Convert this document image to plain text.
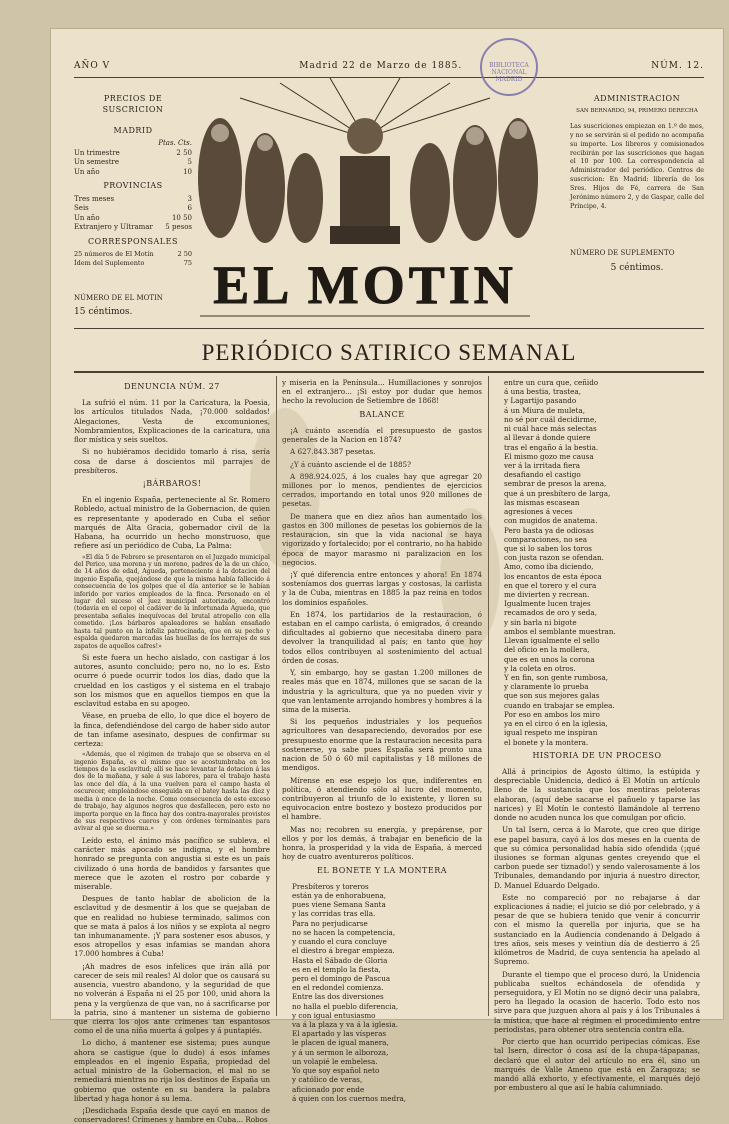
AÑO V	Madrid 22 de Marzo de 1885.	NÚM. 12.
BIBLIOTECA NACIONAL MADRID
PRECIOS DE SUSCRICION
MADRID
Ptas. Cts.
Un trimestre	2 50
Un semestre	5
Un año	10
PROVINCIAS
Tres meses	3
Seis	6
Un año	10 50
Extranjero y Ultramar 5 pesos
CORRESPONSALES
25 números de El Motín	2 50
Ídem del Suplemento	75
NÚMERO DE EL MOTIN
15 céntimos.	EL MOTIN
ADMINISTRACION
SAN BERNARDO, 94, PRIMERO DERECHA
Las suscriciones empiezan en 1.º de mes, y no se servirán si el pedido no acompaña su importe. Los libreros y comisionados recibirán por las suscriciones que hagan el 10 por 100. La correspondencia al Administrador del periódico. Centros de suscricion: En Madrid: librería de los Sres. Hijos de Fé, carrera de San Jerónimo número 2, y de Gaspar, calle del Príncipe, 4.
NÚMERO DE SUPLEMENTO
5 céntimos.
PERIÓDICO SATIRICO SEMANAL
DENUNCIA NÚM. 27

La sufrió el núm. 11 por la Caricatura, la Poesia, los artículos titulados Nada, ¡70.000 soldados! Alegaciones, Vesta de excomuniones, Nombramientos, Explicaciones de la caricatura, una flor mística y seis sueltos.

Si no hubiéramos decidido tomarlo á risa, sería cosa de darse á doscientos mil parrajes de presbíteros.

¡BÁRBAROS!

En el ingenio España, perteneciente al Sr. Romero Robledo, actual ministro de la Gobernacion, de quien es representante y apoderado en Cuba el señor marqués de Alta Gracia, gobernador civil de la Habana, ha ocurrido un hecho monstruoso, que refiere así un periódico de Cuba, La Palma:

«El día 5 de Febrero se presentaron en el Juzgado municipal del Perico, una morena y un moreno, padres de la de un chico, de 14 años de edad, Agueda, perteneciente á la dotacion del ingenio España, quejándose de que la misma había fallecido á consecuencia de los golpes que el día anterior se le habían inferido por varios empleados de la finca. Personado en el lugar del suceso el juez municipal autorizado, encontró (todavía en el cepo) el cadáver de la infortunada Agueda, que presentaba señales inequívocas del brutal atropello con ella cometido. ¡Los bárbaros apaleadores se habían ensañado hasta tal punto en la infeliz patrocinada, que en su pecho y espalda quedaron marcadas las huellas de los herrajes de sus zapatos de aquellos cafres!»

Si este fuera un hecho aislado, con castigar á los autores, asunto concluido; pero no, no lo es. Esto ocurre ó puede ocurrir todos los días, dado que la crueldad en los castigos y el sistema en el trabajo son los mismos que en aquellos tiempos en que la esclavitud estaba en su apogeo.

Véase, en prueba de ello, lo que dice el boyero de la finca, defendiéndose del cargo de haber sido autor de tan infame asesinato, despues de confirmar su certeza:

«Además, que el régimen de trabajo que se observa en el ingenio España, es el mismo que se acostumbraba en los tiempos de la esclavitud; allí se hace levantar la dotacion á las dos de la mañana, y sale á sus labores, para el trabajo hasta las once del día, á la una vuelven para el campo hasta el oscurecer, empleándose enseguida en el batey hasta las diez y media ú once de la noche. Como consecuencia de este exceso de trabajo, hay algunos negros que desfallecen, pero esto no importa porque en la finca hay dos contra-mayorales provistos de sus respectivos cueros y con órdenes terminantes para avivar al que se duerma.»

Leído esto, el ánimo más pacífico se subleva, el carácter más apocado se indigna, y el hombre honrado se pregunta con angustia si este es un país civilizado ó una horda de bandidos y farsantes que merece que le azoten el rostro por cobarde y miserable.

Despues de tanto hablar de abolicion de la esclavitud y de desmentir á los que se quejaban de que en realidad no hubiese terminado, salimos con que se mata á palos á los niños y se explota al negro tan inhumanamente. ¡Y para sostener esos abusos, y esos atropellos y esas infamias se mandan ahora 17.000 hombres á Cuba!

¡Ah madres de esos infelices que irán allá por carecer de seis mil reales! Al dolor que os causará su ausencia, vuestro abandono, y la seguridad de que no volverán á España ni el 25 por 100, unid ahora la pena y la vergüenza de que van, no á sacrificarse por la patria, sino á mantener un sistema de gobierno que cierra los ojos ante crímenes tan espantosos como el de una niña muerta á golpes y á puntapiés.

Lo dicho, á mantener ese sistema; pues aunque ahora se castigue (que lo dudo) á esos infames empleados en el ingenio España, propiedad del actual ministro de la Gobernacion, el mal no se remediará mientras no rija los destinos de España un gobierno que ostente en su bandera la palabra libertad y haga honor á su lema.

¡Desdichada España desde que cayó en manos de conservadores! Crímenes y hambre en Cuba... Robos

y miseria en la Península... Humillaciones y sonrojos en el extranjero... ¡Si estoy por dudar que hemos hecho la revolucion de Setiembre de 1868!

BALANCE

¡A cuánto ascendía el presupuesto de gastos generales de la Nacion en 1874?

A 627.843.387 pesetas.

¿Y á cuánto asciende el de 1885?

A 898.924.025, á los cuales hay que agregar 20 millones por lo menos, pendientes de ejercicios cerrados, importando en total unos 920 millones de pesetas.

De manera que en diez años han aumentado los gastos en 300 millones de pesetas los gobiernos de la restauracion, sin que la vida nacional se haya vigorizado y fortalecido; por el contrario, no ha habido época de mayor marasmo ni paralizacion en los negocios.

¡Y qué diferencia entre entonces y ahora! En 1874 sosteníamos dos guerras largas y costosas, la carlista y la de Cuba, mientras en 1885 la paz reina en todos los dominios españoles.

En 1874, los partidarios de la restauracion, ó estaban en el campo carlista, ó emigrados, ó creando dificultades al gobierno que necesitaba dinero para devolver la tranquilidad al país; en tanto que hoy todos ellos contribuyen al sostenimiento del actual órden de cosas.

Y, sin embargo, hoy se gastan 1.200 millones de reales más que en 1874, millones que se sacan de la industria y la agricultura, que ya no pueden vivir y que van lentamente arrojando hombres y hombres á la sima de la miseria.

Si los pequeños industriales y los pequeños agricultores van desapareciendo, devorados por ese presupuesto enorme que la restauracion necesita para sostenerse, ya sabe pues España será pronto una nacion de 50 ó 60 mil capitalistas y 18 millones de mendigos.

Mírense en ese espejo los que, indiferentes en política, ó atendiendo sólo al lucro del momento, contribuyeron al triunfo de lo existente, y lloren su equivocacion entre bostezo y bostezo producidos por el hambre.

Mas no; recobren su energía, y prepárense, por ellos y por los demás, á trabajar en beneficio de la honra, la prosperidad y la vida de España, á merced hoy de cuatro aventureros políticos.

EL BONETE Y LA MONTERA

Presbíteros y toreros
están ya de enhorabuena,
pues viene Semana Santa
y las corridas tras ella.
Para no perjudicarse
no se hacen la competencia,
y cuando el cura concluye
el diestro á bregar empieza.
Hasta el Sábado de Gloria
es en el templo la fiesta,
pero el domingo de Pascua
en el redondel comienza.
Entre las dos diversiones
no halla el pueblo diferencia,
y con igual entusiasmo
va á la plaza y va á la iglesia.
El apartado y las vísperas
le placen de igual manera,
y á un sermon le alboroza,
un volapié le embelesa.
Yo que soy español neto
y católico de veras,
aficionado por ende
á quien con los cuernos medra,

entre un cura que, ceñido
á una bestia, trastea,
y Lagartijo pasando
á un Miura de muleta,
no sé por cuál decidirme,
ni cuál hace más selectas
al llevar á donde quiere
tras el engaño á la bestia.
El mismo gozo me causa
ver á la irritada fiera
desafiando el castigo
sembrar de presos la arena,
que á un presbítero de larga,
las mismas escasean
agresiones á veces
con mugidos de anatema.
Pero basta ya de odiosas
comparaciones, no sea
que si lo saben los toros
con justa razon se ofendan.
Amo, como iba diciendo,
los encantos de esta época
en que el torero y el cura
me divierten y recrean.
Igualmente lucen trajes
recamados de oro y seda,
y sin barla ni bigote
ambos el semblante muestran.
Llevan igualmente el sello
del oficio en la mollera,
que es en unos la corona
y la coleta en otros.
Y en fin, son gente rumbosa,
y claramente lo prueba
que son sus mejores galas
cuando en trabajar se emplea.
Por eso en ambos los miro
ya en el circo ó en la iglesia,
igual respeto me inspiran
el bonete y la montera.

HISTORIA DE UN PROCESO

Allá á principios de Agosto último, la estúpida y despreciable Unidencia, dedicó á El Motín un artículo lleno de la sustancia que los mentiras peloteras elaboran, (aquí debe sacarse el pañuelo y taparse las narices) y El Motín le contestó llamándole al terreno donde no acuden nunca los que comulgan por oficio.

Un tal Isern, cerca á lo Marote, que creo que dirige ese papel basura, cayó á los dos meses en la cuenta de que su cómica personalidad había sido ofendida (¡qué ilusiones se forman algunas gentes creyendo que el carbon puede ser tiznado!) y sendo valerosamente á los Tribunales, demandando por injuria á nuestro director, D. Manuel Eduardo Delgado.

Este no compareció por no rebajarse á dar explicaciones á nadie; el juicio se dió por celebrado, y á pesar de que se hubiera tenido que venir á concurrir con el mismo la querella por injuria, que se ha sustanciado en la Audiencia condenando á Delgado á tres años, seis meses y veintiun día de destierro á 25 kilómetros de Madrid, de cuya sentencia ha apelado al Supremo.

Durante el tiempo que el proceso duró, la Unidencia publicaba sueltos echándosela de ofendida y perseguidora, y El Motín no se dignó decir una palabra, pero ha llegado la ocasion de hacerlo. Todo esto nos sirve para que juzguen ahora al país y á los Tribunales á la mística, que hace al régimen el procedimiento entre periodistas, para obtener otra sentencia contra ella.

Por cierto que han ocurrido peripecias cómicas. Ese tal Isern, director ó cosa así de la chupa-tápapanas, declaró que el autor del artículo no era él, sino un marqués de Valle Ameno que está en Zaragoza; se mandó allá exhorto, y efectivamente, el marqués dejó por embustero al que así le había calumniado.
